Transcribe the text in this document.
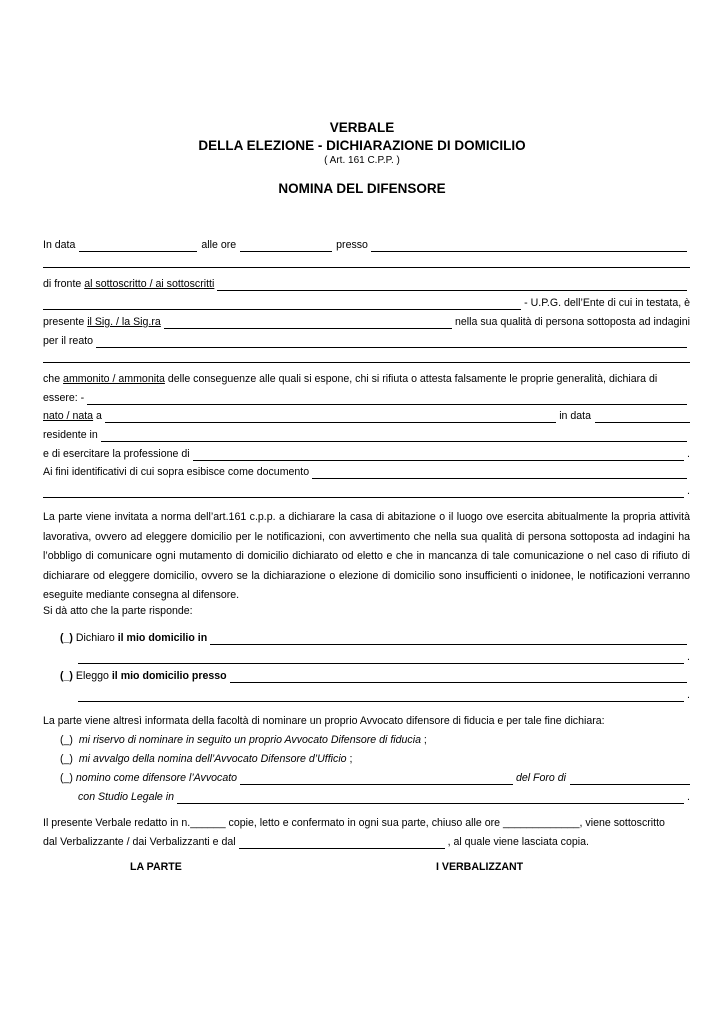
VERBALE
DELLA ELEZIONE - DICHIARAZIONE DI DOMICILIO
( Art. 161 C.P.P. )
NOMINA DEL DIFENSORE
In data	alle ore	presso
di fronte
al sottoscritto / ai sottoscritti
- U.P.G. dell’Ente di cui in testata, è
presente
il Sig. / la Sig.ra	nella sua qualità di persona sottoposta ad indagini
per il reato
che ammonito / ammonita delle conseguenze alle quali si espone, chi si rifiuta o attesta falsamente le proprie generalità, dichiara di
essere: -
nato / nata
a	in data
residente in
e di esercitare la professione di	.
Ai fini identificativi di cui sopra esibisce come documento
.
La parte viene invitata a norma dell’art.161 c.p.p. a dichiarare la casa di abitazione o il luogo ove esercita abitualmente la propria attività lavorativa, ovvero ad eleggere domicilio per le notificazioni, con avvertimento che nella sua qualità di persona sottoposta ad indagini ha l’obbligo di comunicare ogni mutamento di domicilio dichiarato od eletto e che in mancanza di tale comunicazione o nel caso di rifiuto di dichiarare od eleggere domicilio, ovvero se la dichiarazione o elezione di domicilio sono insufficienti o inidonee, le notificazioni verranno eseguite mediante consegna al difensore.
Si dà atto che la parte risponde:
(_)
Dichiaro
il mio domicilio in
.
(_)
Eleggo
il mio domicilio presso
.
La parte viene altresì informata della facoltà di nominare un proprio Avvocato difensore di fiducia e per tale fine dichiara:
(_) mi riservo di nominare in seguito un proprio Avvocato Difensore di fiducia ;
(_) mi avvalgo della nomina dell’Avvocato Difensore d’Ufficio ;
(_)
nomino come difensore l’Avvocato	del Foro di
con Studio Legale in	.
Il presente Verbale redatto in n.______ copie, letto e confermato in ogni sua parte, chiuso alle ore _____________, viene sottoscritto
dal Verbalizzante / dai Verbalizzanti e dal	, al quale viene lasciata copia.
LA PARTE	I VERBALIZZANT
